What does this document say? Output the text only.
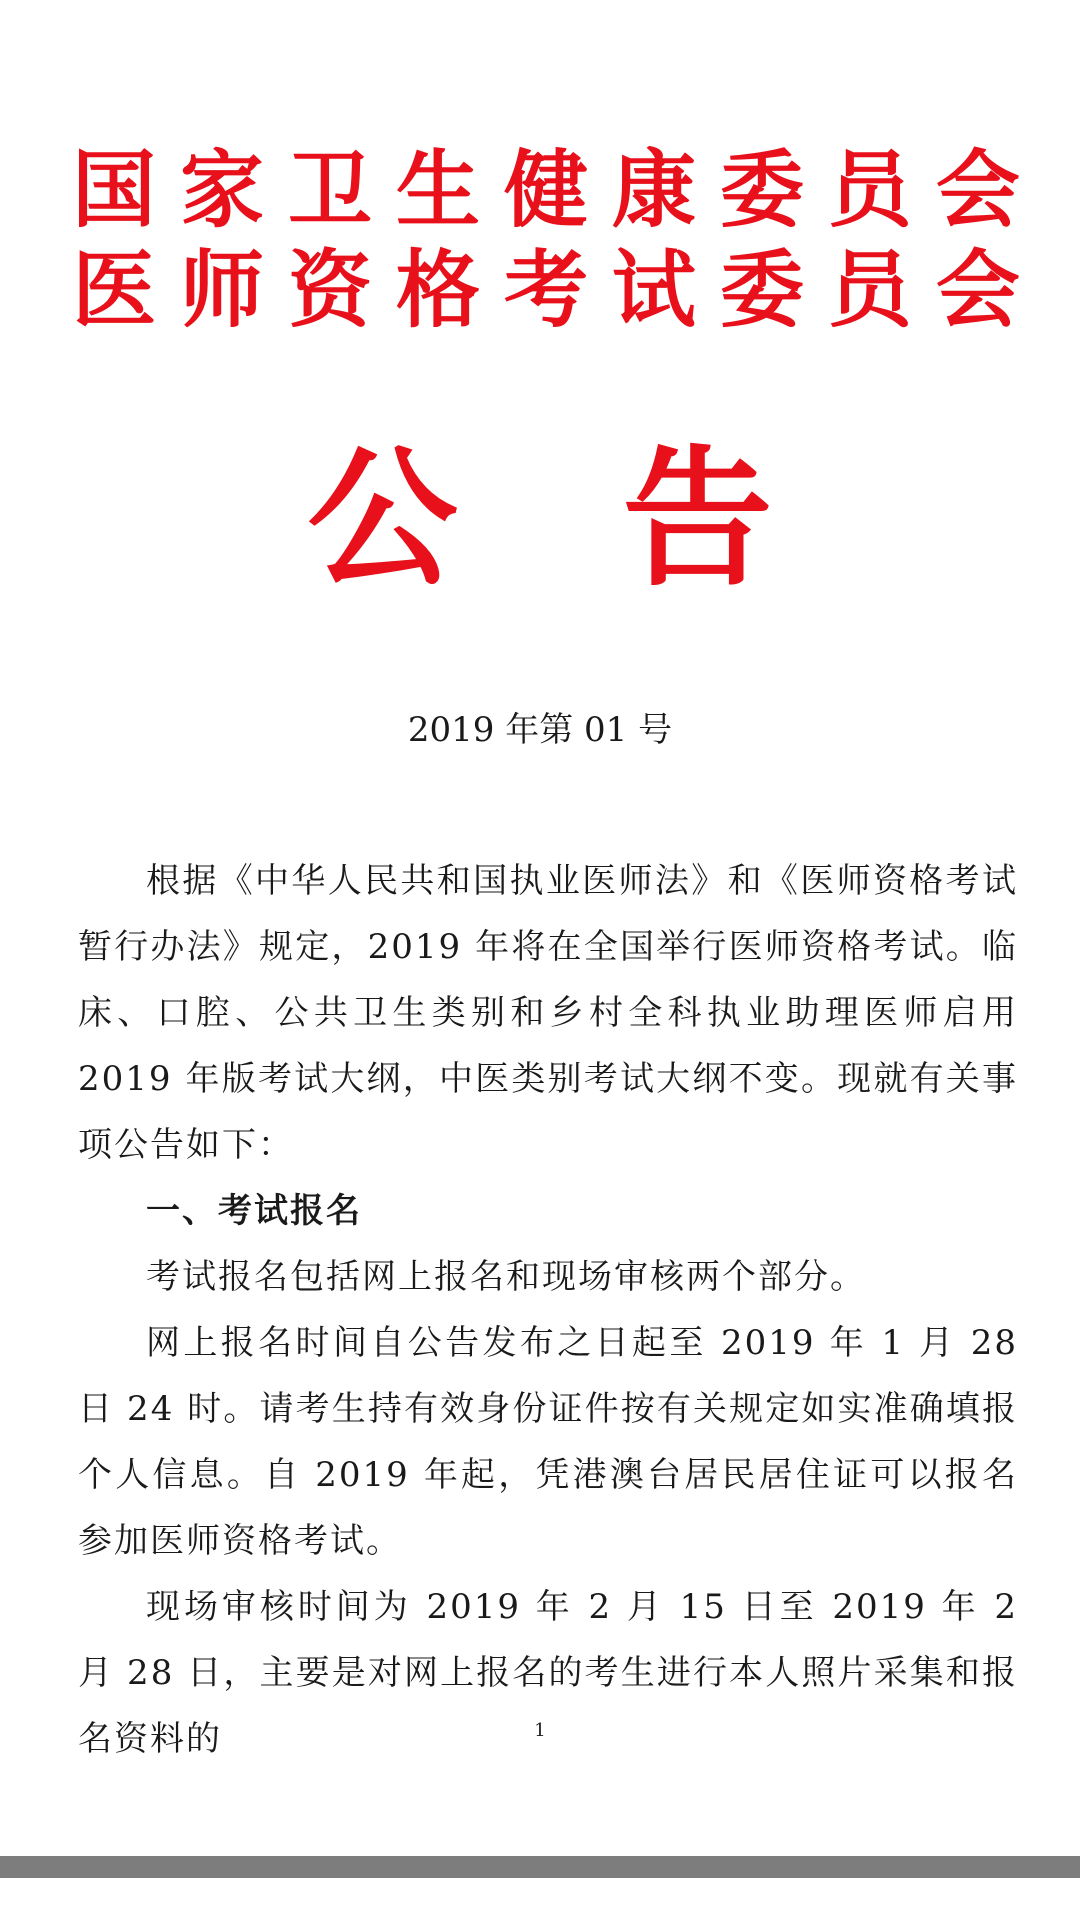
国 家 卫 生 健 康 委 员 会
医 师 资 格 考 试 委 员 会
公 告
2019 年第 01 号

根据《中华人民共和国执业医师法》和《医师资格考试暂行办法》规定，2019 年将在全国举行医师资格考试。临床、口腔、公共卫生类别和乡村全科执业助理医师启用 2019 年版考试大纲，中医类别考试大纲不变。现就有关事项公告如下：

一、考试报名

考试报名包括网上报名和现场审核两个部分。

网上报名时间自公告发布之日起至 2019 年 1 月 28 日 24 时。请考生持有效身份证件按有关规定如实准确填报个人信息。自 2019 年起，凭港澳台居民居住证可以报名参加医师资格考试。

现场审核时间为 2019 年 2 月 15 日至 2019 年 2 月 28 日，主要是对网上报名的考生进行本人照片采集和报名资料的	1
